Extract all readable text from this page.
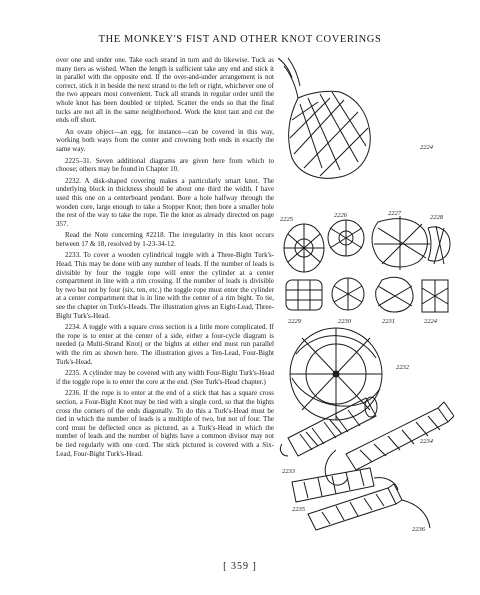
THE MONKEY'S FIST AND OTHER KNOT COVERINGS

over one and under one. Take each strand in turn and do likewise. Tuck as many tiers as wished. When the length is sufficient take any end and stick it in parallel with the opposite end. If the over-and-under arrangement is not correct, stick it in beside the next strand to the left or right, whichever one of the two appears most convenient. Tuck all strands in regular order until the whole knot has been doubled or tripled. Scatter the ends so that the final tucks are not all in the same neighborhood. Work the knot taut and cut the ends off short.

An ovate object—an egg, for instance—can be covered in this way, working both ways from the center and crowning both ends in exactly the same way.

2225–31. Seven additional diagrams are given here from which to choose; others may be found in Chapter 10.

2232. A disk-shaped covering makes a particularly smart knot. The underlying block in thickness should be about one third the width. I have used this one on a centerboard pendant. Bore a hole halfway through the wooden core, large enough to take a Stopper Knot; then bore a smaller hole the rest of the way to take the rope. Tie the knot as already directed on page 357.

Read the Note concerning #2218. The irregularity in this knot occurs between 17 & 18, resolved by 1-23-34-12.

2233. To cover a wooden cylindrical toggle with a Three-Bight Turk's-Head. This may be done with any number of leads. If the number of leads is divisible by four the toggle rope will enter the cylinder at a center compartment in line with a rim crossing. If the number of leads is divisible by two but not by four (six, ten, etc.) the toggle rope must enter the cylinder at a center compartment that is in line with the center of a rim bight. To tie, see the chapter on Turk's-Heads. The illustration gives an Eight-Lead, Three-Bight Turk's-Head.

2234. A toggle with a square cross section is a little more complicated. If the rope is to enter at the center of a side, either a four-cycle diagram is needed (a Multi-Strand Knot) or the bights at either end must run parallel with the rim as shown here. The illustration gives a Ten-Lead, Four-Bight Turk's-Head.

2235. A cylinder may be covered with any width Four-Bight Turk's-Head if the toggle rope is to enter the core at the end. (See Turk's-Head chapter.)

2236. If the rope is to enter at the end of a stick that has a square cross section, a Four-Bight Knot may be tied with a single cord, so that the bights cross the corners of the ends diagonally. To do this a Turk's-Head must be tied in which the number of leads is a multiple of two, but not of four. The cord must be deflected once as pictured, as a Turk's-Head in which the number of leads and the number of bights have a common divisor may not be tied regularly with one cord. The stick pictured is covered with a Six-Lead, Four-Bight Turk's-Head.

2224
2225
2226	2227
2228
2229	2230	2231	2224
2232
2233
2234
2235
2236
[ 359 ]
